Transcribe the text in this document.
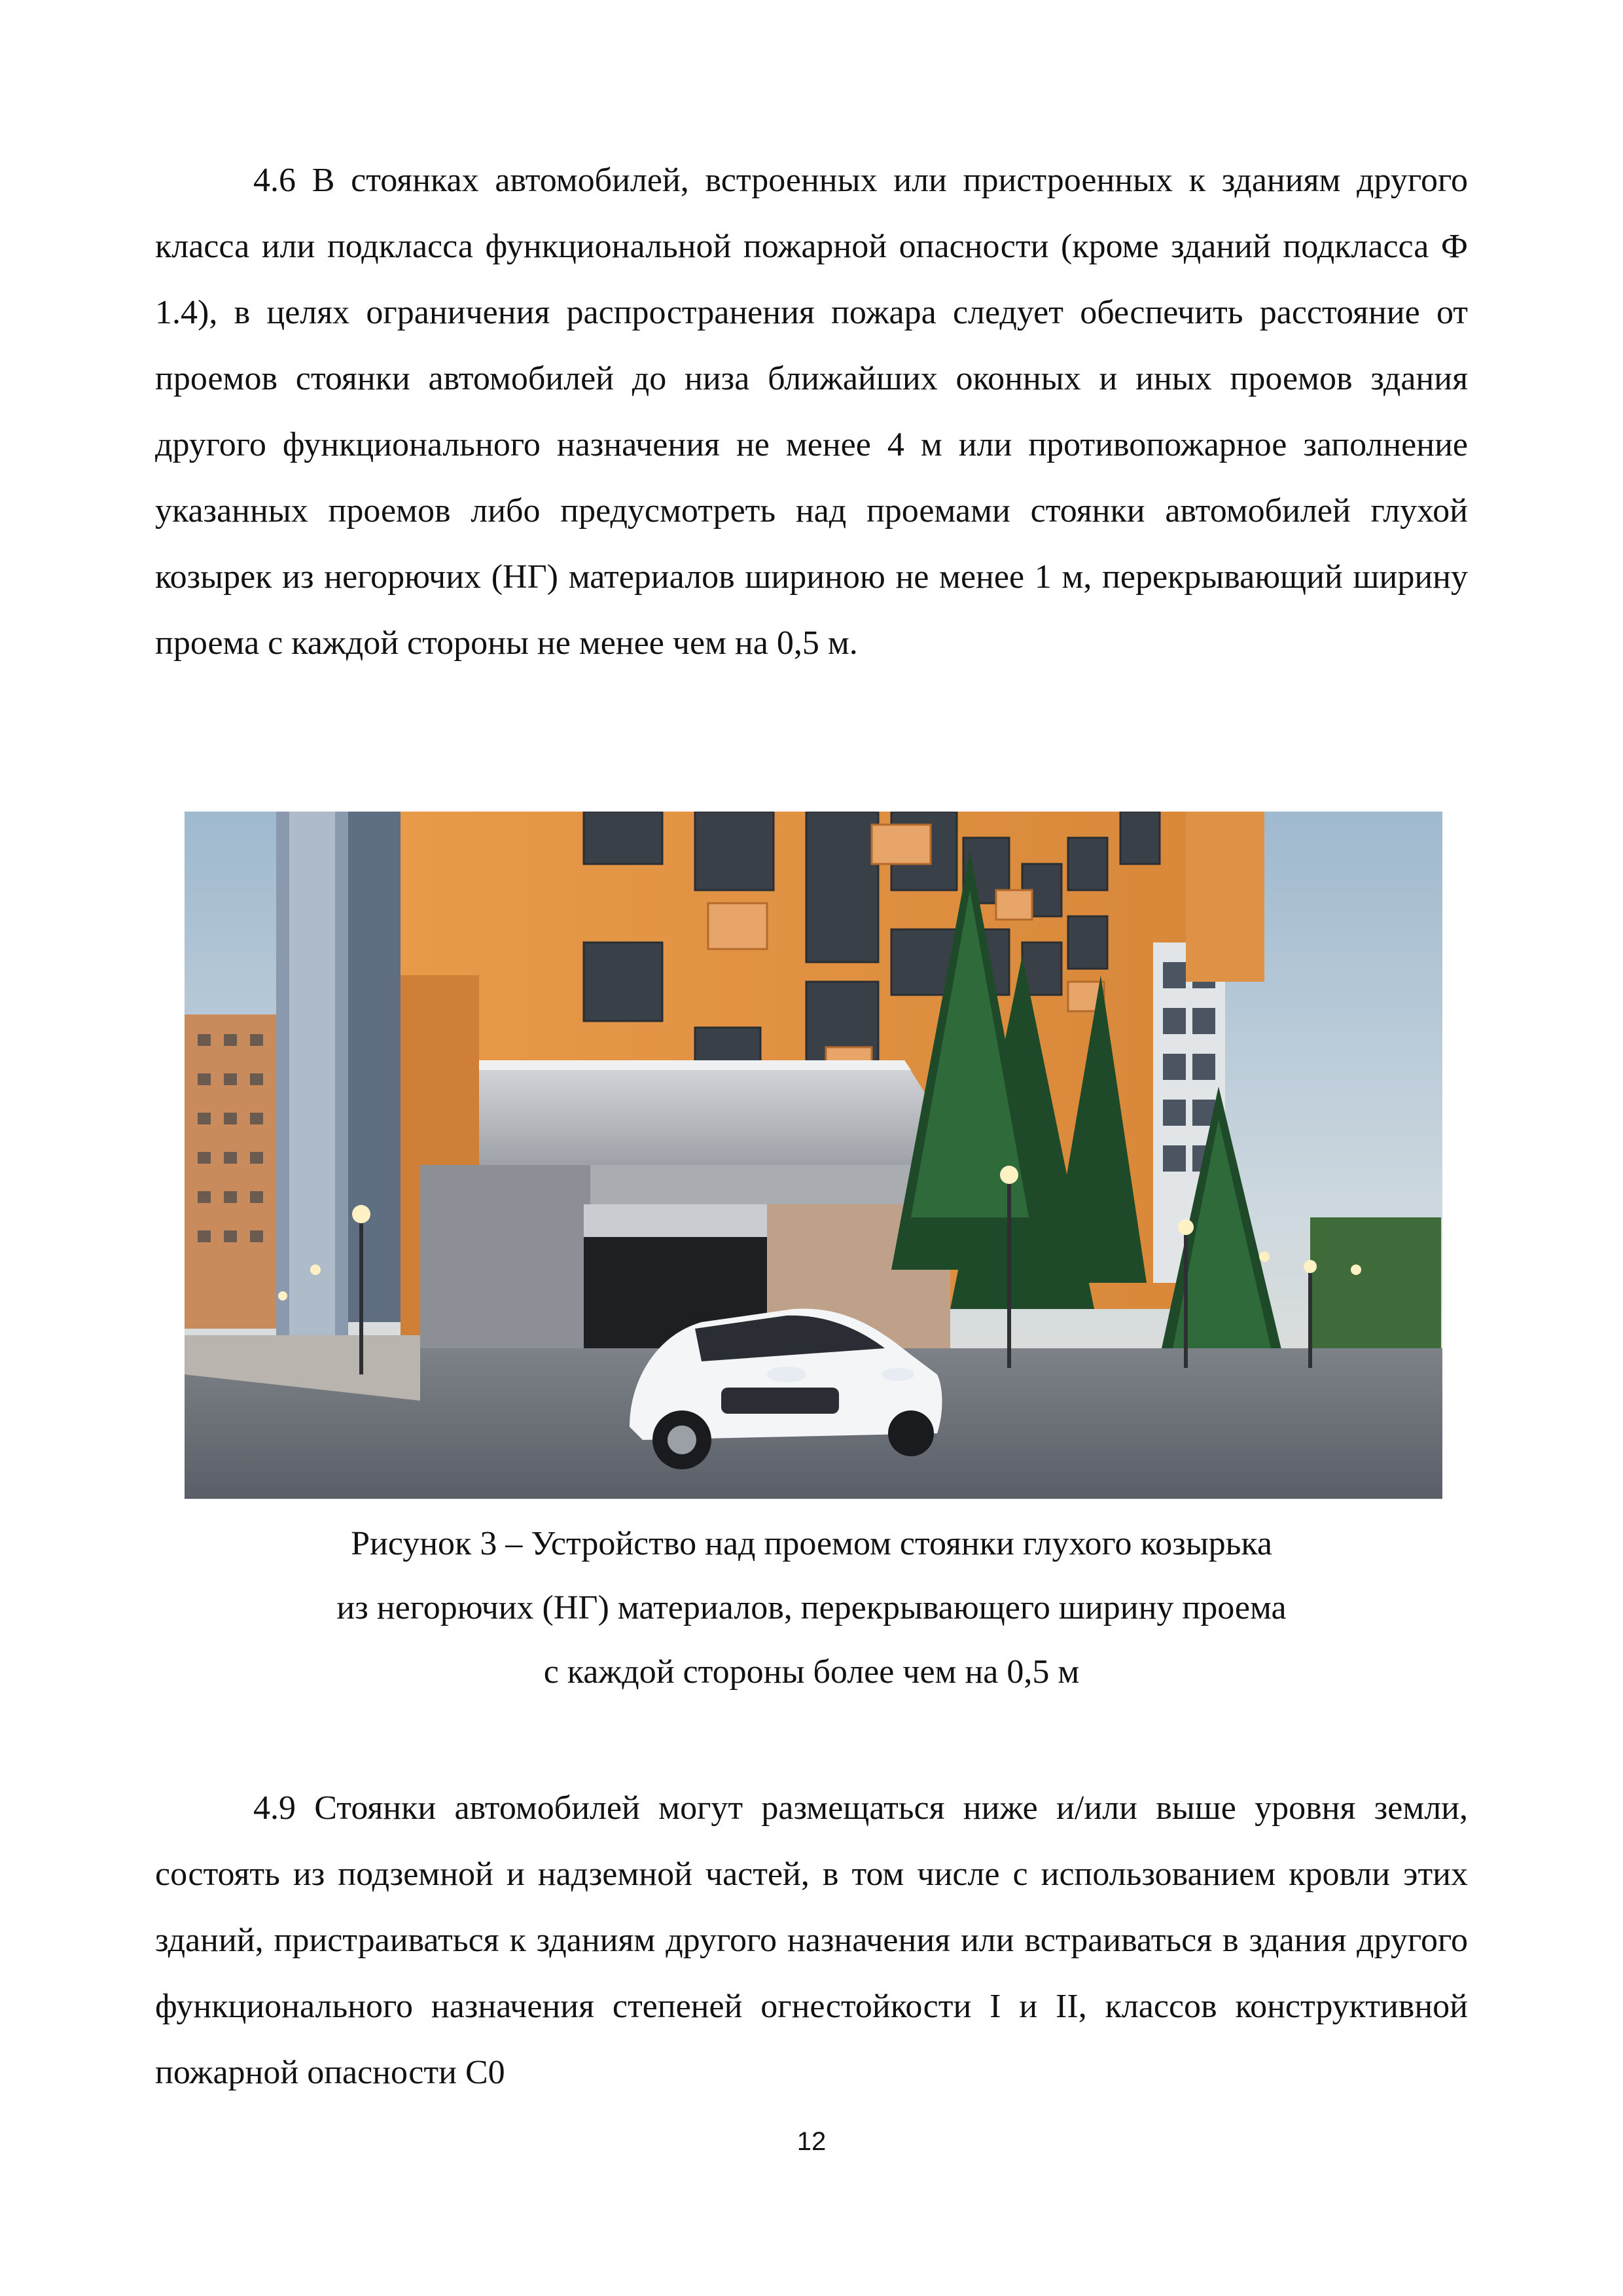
4.6 В стоянках автомобилей, встроенных или пристроенных к зданиям другого класса или подкласса функциональной пожарной опасности (кроме зданий подкласса Ф 1.4), в целях ограничения распространения пожара следует обеспечить расстояние от проемов стоянки автомобилей до низа ближайших оконных и иных проемов здания другого функционального назначения не менее 4 м или противопожарное заполнение указанных проемов либо предусмотреть над проемами стоянки автомобилей глухой козырек из негорючих (НГ) материалов шириною не менее 1 м, перекрывающий ширину проема с каждой стороны не менее чем на 0,5 м.

Рисунок 3 – Устройство над проемом стоянки глухого козырька
из негорючих (НГ) материалов, перекрывающего ширину проема
с каждой стороны более чем на 0,5 м

4.9 Стоянки автомобилей могут размещаться ниже и/или выше уровня земли, состоять из подземной и надземной частей, в том числе с использованием кровли этих зданий, пристраиваться к зданиям другого назначения или встраиваться в здания другого функционального назначения степеней огнестойкости I и II, классов конструктивной пожарной опасности С0

12
